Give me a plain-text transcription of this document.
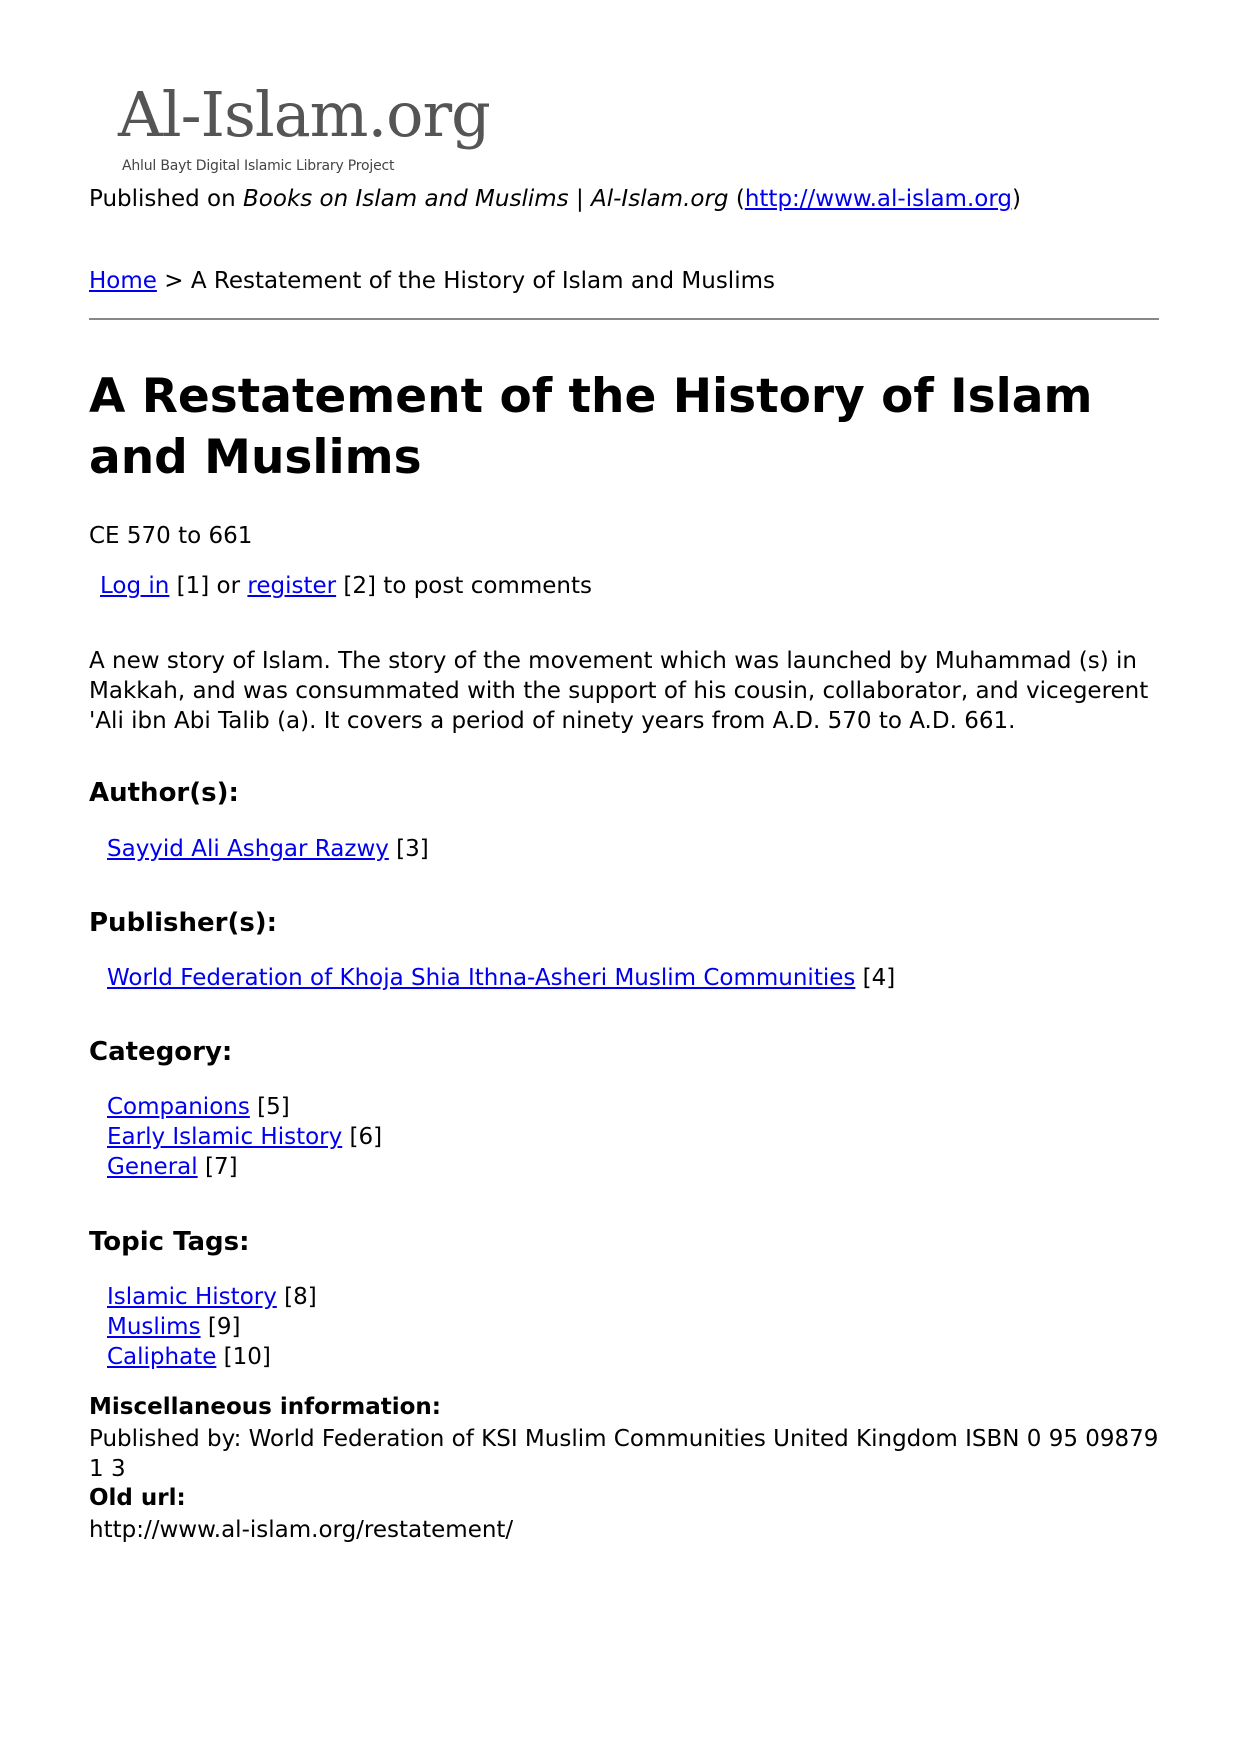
Al-Islam.org
Ahlul Bayt Digital Islamic Library Project
Published on Books on Islam and Muslims | Al-Islam.org (http://www.al-islam.org)
Home > A Restatement of the History of Islam and Muslims
A Restatement of the History of Islam and Muslims
CE 570 to 661
Log in [1] or register [2] to post comments
A new story of Islam. The story of the movement which was launched by Muhammad (s) in Makkah, and was consummated with the support of his cousin, collaborator, and vicegerent 'Ali ibn Abi Talib (a). It covers a period of ninety years from A.D. 570 to A.D. 661.
Author(s):
Sayyid Ali Ashgar Razwy [3]
Publisher(s):
World Federation of Khoja Shia Ithna-Asheri Muslim Communities [4]
Category:
Companions [5]
Early Islamic History [6]
General [7]
Topic Tags:
Islamic History [8]
Muslims [9]
Caliphate [10]
Miscellaneous information:
Published by: World Federation of KSI Muslim Communities United Kingdom ISBN 0 95 09879 1 3
Old url:
http://www.al-islam.org/restatement/
